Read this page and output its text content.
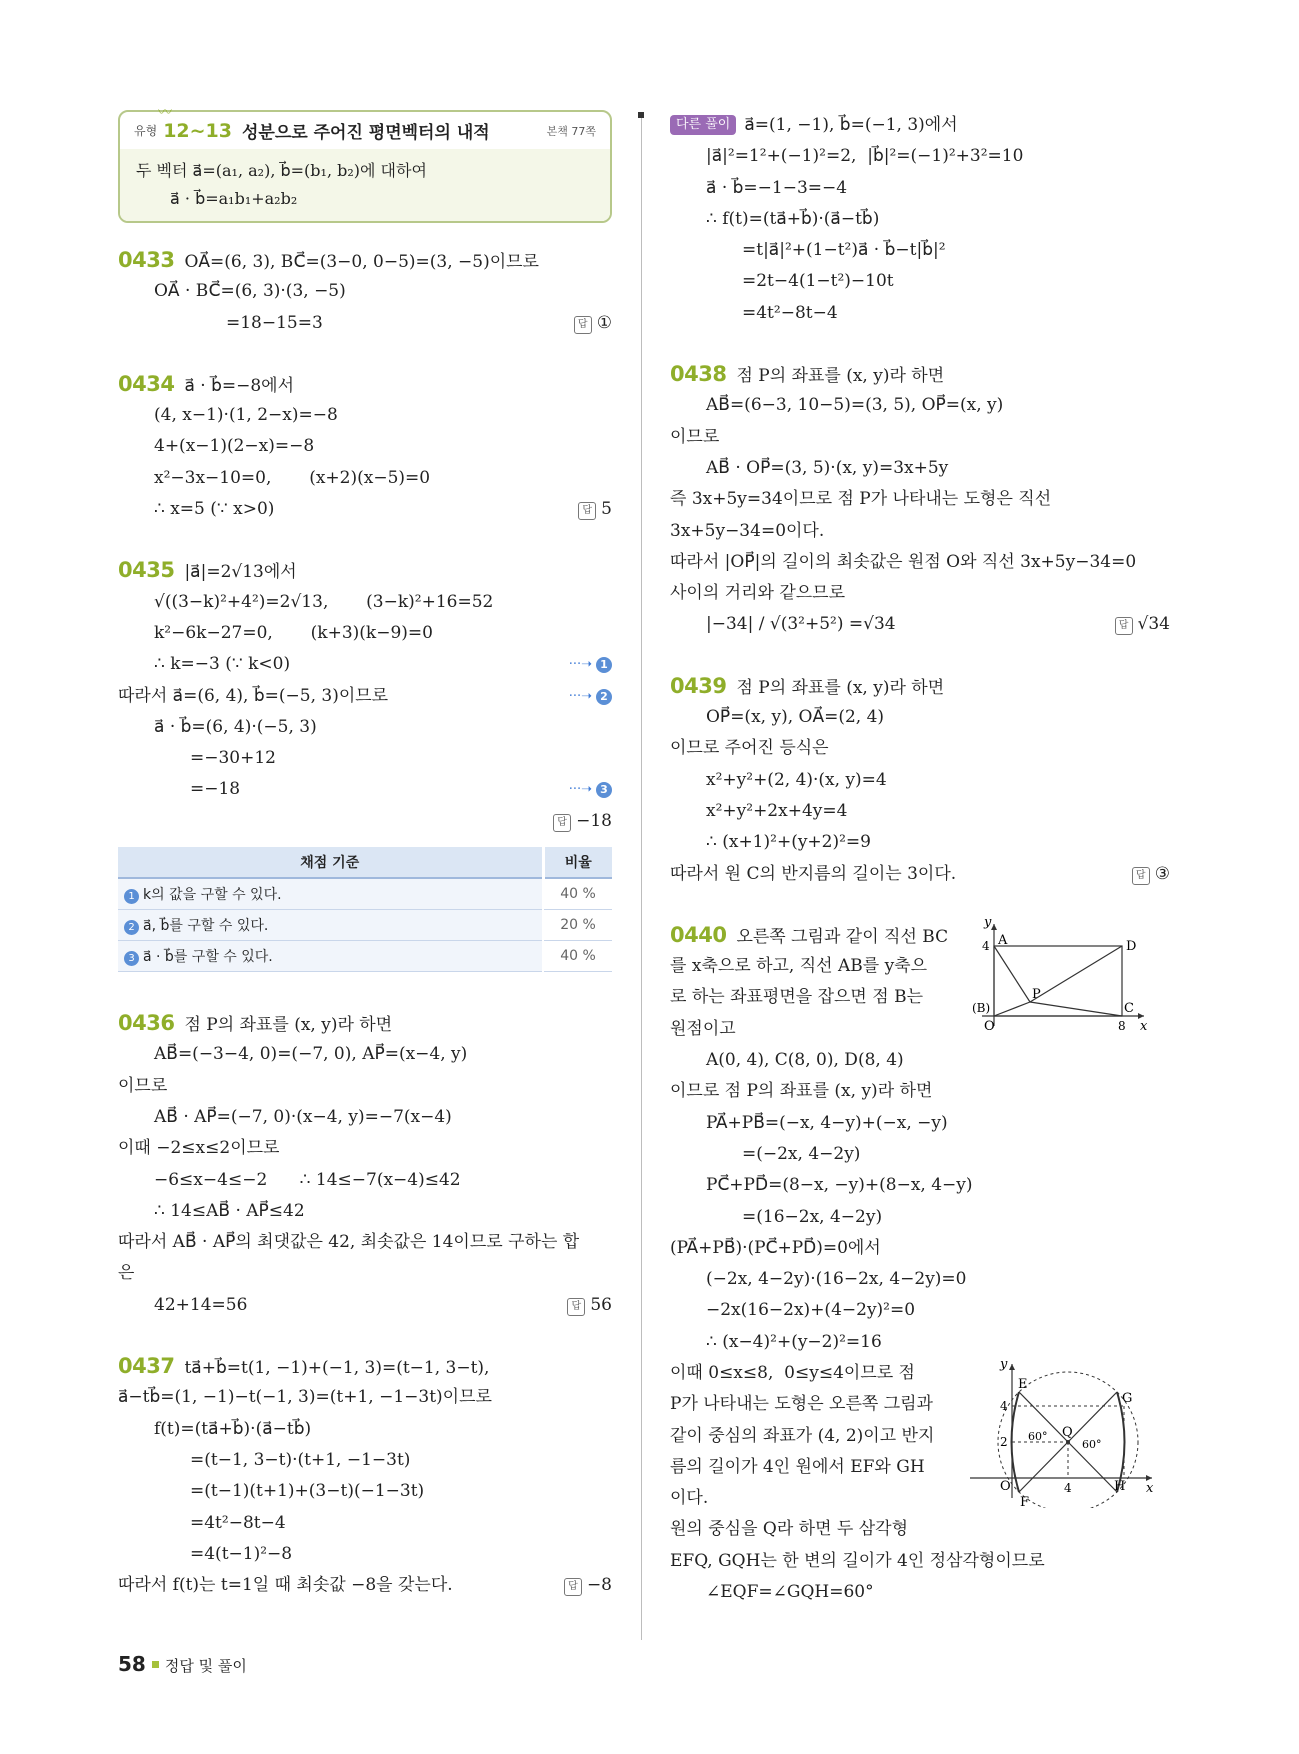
〰
유형 12~13 성분으로 주어진 평면벡터의 내적	본책 77쪽
두 벡터 a⃗=(a₁, a₂), b⃗=(b₁, b₂)에 대하여
a⃗ · b⃗=a₁b₁+a₂b₂
0433 OA⃗=(6, 3), BC⃗=(3−0, 0−5)=(3, −5)이므로
OA⃗ · BC⃗=(6, 3)·(3, −5)
=18−15=3	답 ①
0434 a⃗ · b⃗=−8에서
(4, x−1)·(1, 2−x)=−8
4+(x−1)(2−x)=−8
x²−3x−10=0,       (x+2)(x−5)=0
∴ x=5 (∵ x>0)	답 5
0435 |a⃗|=2√13에서
√((3−k)²+4²)=2√13,       (3−k)²+16=52
k²−6k−27=0,       (k+3)(k−9)=0
∴ k=−3 (∵ k<0)	···➝ 1
따라서 a⃗=(6, 4), b⃗=(−5, 3)이므로	···➝ 2
a⃗ · b⃗=(6, 4)·(−5, 3)
=−30+12
=−18	···➝ 3
답 −18
채점 기준	비율
1 k의 값을 구할 수 있다.	40 %
2 a⃗, b⃗를 구할 수 있다.	20 %
3 a⃗ · b⃗를 구할 수 있다.	40 %
0436 점 P의 좌표를 (x, y)라 하면
AB⃗=(−3−4, 0)=(−7, 0), AP⃗=(x−4, y)
이므로
AB⃗ · AP⃗=(−7, 0)·(x−4, y)=−7(x−4)
이때 −2≤x≤2이므로
−6≤x−4≤−2      ∴ 14≤−7(x−4)≤42
∴ 14≤AB⃗ · AP⃗≤42
따라서 AB⃗ · AP⃗의 최댓값은 42, 최솟값은 14이므로 구하는 합
은
42+14=56	답 56
0437 ta⃗+b⃗=t(1, −1)+(−1, 3)=(t−1, 3−t),
a⃗−tb⃗=(1, −1)−t(−1, 3)=(t+1, −1−3t)이므로
f(t)=(ta⃗+b⃗)·(a⃗−tb⃗)
=(t−1, 3−t)·(t+1, −1−3t)
=(t−1)(t+1)+(3−t)(−1−3t)
=4t²−8t−4
=4(t−1)²−8
따라서 f(t)는 t=1일 때 최솟값 −8을 갖는다.	답 −8
다른 풀이 a⃗=(1, −1), b⃗=(−1, 3)에서
|a⃗|²=1²+(−1)²=2,  |b⃗|²=(−1)²+3²=10
a⃗ · b⃗=−1−3=−4
∴ f(t)=(ta⃗+b⃗)·(a⃗−tb⃗)
=t|a⃗|²+(1−t²)a⃗ · b⃗−t|b⃗|²
=2t−4(1−t²)−10t
=4t²−8t−4
0438 점 P의 좌표를 (x, y)라 하면
AB⃗=(6−3, 10−5)=(3, 5), OP⃗=(x, y)
이므로
AB⃗ · OP⃗=(3, 5)·(x, y)=3x+5y
즉 3x+5y=34이므로 점 P가 나타내는 도형은 직선
3x+5y−34=0이다.
따라서 |OP⃗|의 길이의 최솟값은 원점 O와 직선 3x+5y−34=0
사이의 거리와 같으므로
|−34| / √(3²+5²) =√34	답 √34
0439 점 P의 좌표를 (x, y)라 하면
OP⃗=(x, y), OA⃗=(2, 4)
이므로 주어진 등식은
x²+y²+(2, 4)·(x, y)=4
x²+y²+2x+4y=4
∴ (x+1)²+(y+2)²=9
따라서 원 C의 반지름의 길이는 3이다.	답 ③
0440 오른쪽 그림과 같이 직선 BC
를 x축으로 하고, 직선 AB를 y축으
로 하는 좌표평면을 잡으면 점 B는
원점이고
A(0, 4), C(8, 0), D(8, 4)
이므로 점 P의 좌표를 (x, y)라 하면
PA⃗+PB⃗=(−x, 4−y)+(−x, −y)
=(−2x, 4−2y)
PC⃗+PD⃗=(8−x, −y)+(8−x, 4−y)
=(16−2x, 4−2y)
(PA⃗+PB⃗)·(PC⃗+PD⃗)=0에서
(−2x, 4−2y)·(16−2x, 4−2y)=0
−2x(16−2x)+(4−2y)²=0
∴ (x−4)²+(y−2)²=16
이때 0≤x≤8,  0≤y≤4이므로 점
P가 나타내는 도형은 오른쪽 그림과
같이 중심의 좌표가 (4, 2)이고 반지
름의 길이가 4인 원에서 EF와 GH
이다.
원의 중심을 Q라 하면 두 삼각형
EFQ, GQH는 한 변의 길이가 4인 정삼각형이므로
∠EQF=∠GQH=60°
y
x
A	D
P
(B)
O
C
4
8
y
x
E
G
Q
F
H
O
4
2
4
60°
60°
58 정답 및 풀이
